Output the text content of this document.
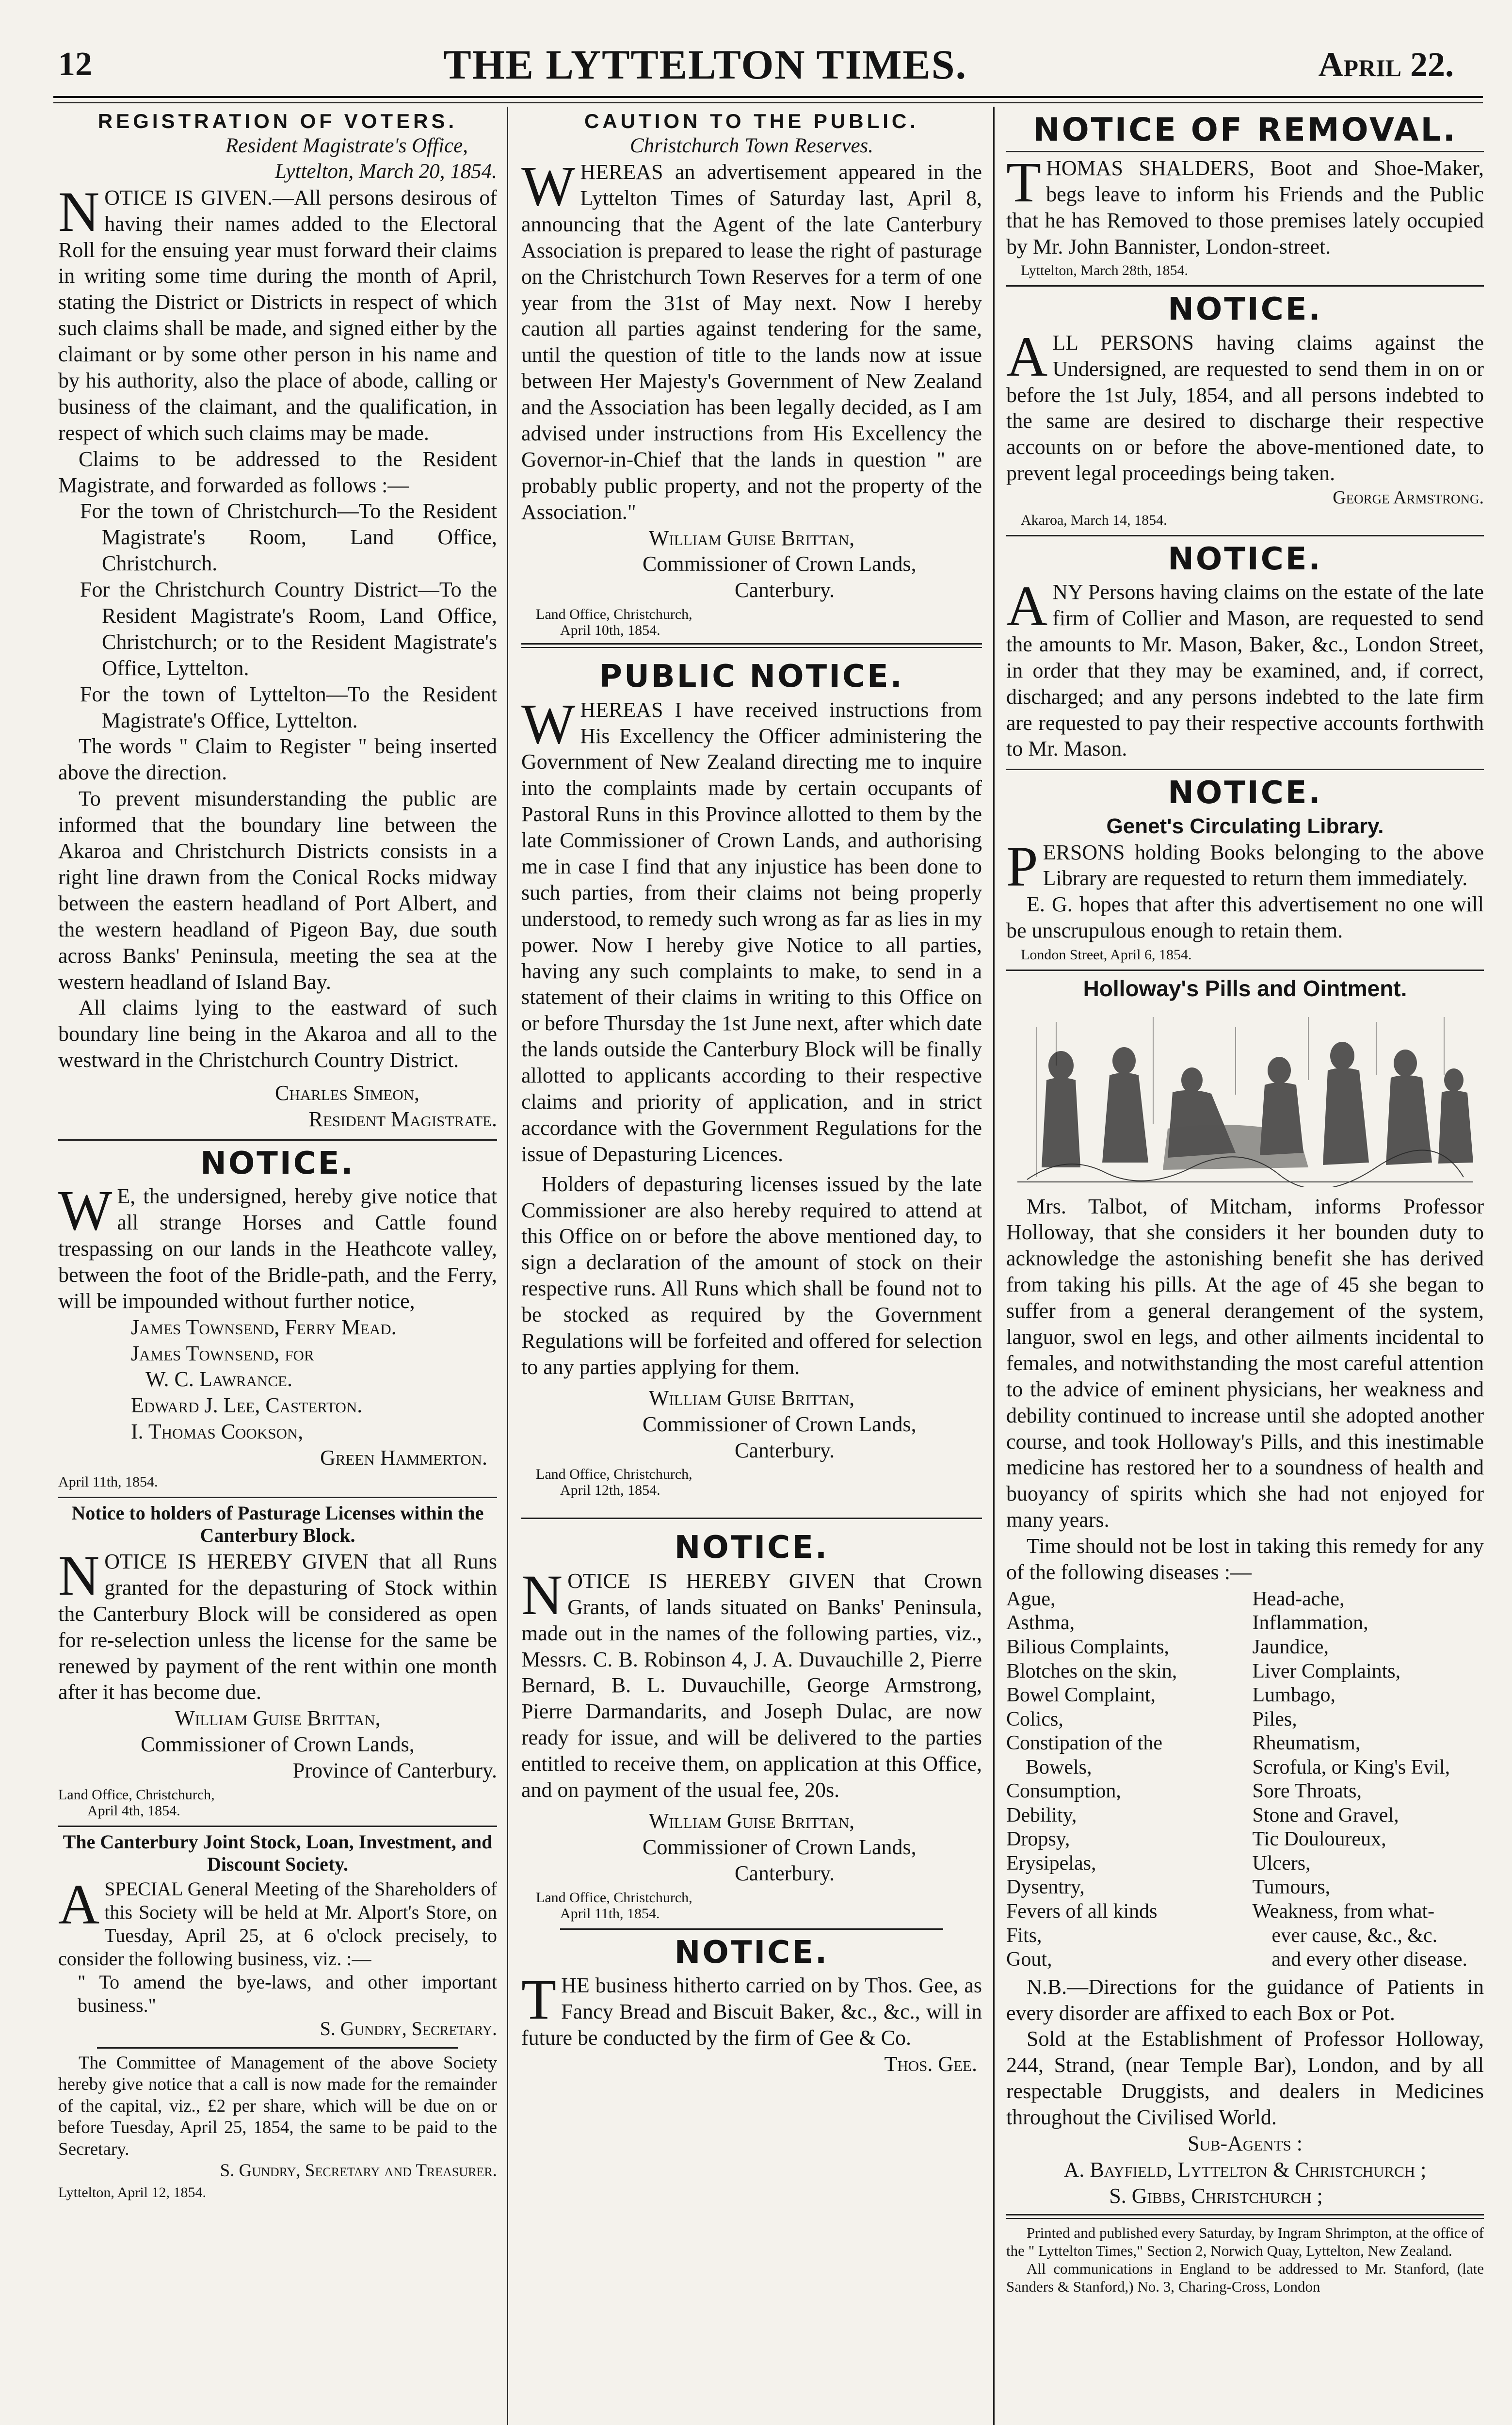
12	THE LYTTELTON TIMES.	April 22.

REGISTRATION OF VOTERS.

Resident Magistrate's Office,

Lyttelton, March 20, 1854.

NOTICE IS GIVEN.—All persons desirous of having their names added to the Electoral Roll for the ensuing year must forward their claims in writing some time during the month of April, stating the District or Districts in respect of which such claims shall be made, and signed either by the claimant or by some other person in his name and by his authority, also the place of abode, calling or business of the claimant, and the qualification, in respect of which such claims may be made.

Claims to be addressed to the Resident Magistrate, and forwarded as follows :—

For the town of Christchurch—To the Resident Magistrate's Room, Land Office, Christchurch.

For the Christchurch Country District—To the Resident Magistrate's Room, Land Office, Christchurch; or to the Resident Magistrate's Office, Lyttelton.

For the town of Lyttelton—To the Resident Magistrate's Office, Lyttelton.

The words " Claim to Register " being inserted above the direction.

To prevent misunderstanding the public are informed that the boundary line between the Akaroa and Christchurch Districts consists in a right line drawn from the Conical Rocks midway between the eastern headland of Port Albert, and the western headland of Pigeon Bay, due south across Banks' Peninsula, meeting the sea at the western headland of Island Bay.

All claims lying to the eastward of such boundary line being in the Akaroa and all to the westward in the Christchurch Country District.

Charles Simeon,

Resident Magistrate.

NOTICE.

WE, the undersigned, hereby give notice that all strange Horses and Cattle found trespassing on our lands in the Heathcote valley, between the foot of the Bridle-path, and the Ferry, will be impounded without further notice,

James Townsend, Ferry Mead.

James Townsend, for

W. C. Lawrance.

Edward J. Lee, Casterton.

I. Thomas Cookson,

Green Hammerton.

April 11th, 1854.

Notice to holders of Pasturage Licenses within the Canterbury Block.

NOTICE IS HEREBY GIVEN that all Runs granted for the depasturing of Stock within the Canterbury Block will be considered as open for re-selection unless the license for the same be renewed by payment of the rent within one month after it has become due.

William Guise Brittan,

Commissioner of Crown Lands,

Province of Canterbury.

Land Office, Christchurch,

April 4th, 1854.

The Canterbury Joint Stock, Loan, Investment, and Discount Society.

ASPECIAL General Meeting of the Shareholders of this Society will be held at Mr. Alport's Store, on Tuesday, April 25, at 6 o'clock precisely, to consider the following business, viz. :—

" To amend the bye-laws, and other important business."

S. Gundry, Secretary.

The Committee of Management of the above Society hereby give notice that a call is now made for the remainder of the capital, viz., £2 per share, which will be due on or before Tuesday, April 25, 1854, the same to be paid to the Secretary.

S. Gundry, Secretary and Treasurer.

Lyttelton, April 12, 1854.

CAUTION TO THE PUBLIC.

Christchurch Town Reserves.

WHEREAS an advertisement appeared in the Lyttelton Times of Saturday last, April 8, announcing that the Agent of the late Canterbury Association is prepared to lease the right of pasturage on the Christchurch Town Reserves for a term of one year from the 31st of May next. Now I hereby caution all parties against tendering for the same, until the question of title to the lands now at issue between Her Majesty's Government of New Zealand and the Association has been legally decided, as I am advised under instructions from His Excellency the Governor-in-Chief that the lands in question " are probably public property, and not the property of the Association."

William Guise Brittan,

Commissioner of Crown Lands,

Canterbury.

Land Office, Christchurch,

April 10th, 1854.

PUBLIC NOTICE.

WHEREAS I have received instructions from His Excellency the Officer administering the Government of New Zealand directing me to inquire into the complaints made by certain occupants of Pastoral Runs in this Province allotted to them by the late Commissioner of Crown Lands, and authorising me in case I find that any injustice has been done to such parties, from their claims not being properly understood, to remedy such wrong as far as lies in my power. Now I hereby give Notice to all parties, having any such complaints to make, to send in a statement of their claims in writing to this Office on or before Thursday the 1st June next, after which date the lands outside the Canterbury Block will be finally allotted to applicants according to their respective claims and priority of application, and in strict accordance with the Government Regulations for the issue of Depasturing Licences.

Holders of depasturing licenses issued by the late Commissioner are also hereby required to attend at this Office on or before the above mentioned day, to sign a declaration of the amount of stock on their respective runs. All Runs which shall be found not to be stocked as required by the Government Regulations will be forfeited and offered for selection to any parties applying for them.

William Guise Brittan,

Commissioner of Crown Lands,

Canterbury.

Land Office, Christchurch,

April 12th, 1854.

NOTICE.

NOTICE IS HEREBY GIVEN that Crown Grants, of lands situated on Banks' Peninsula, made out in the names of the following parties, viz., Messrs. C. B. Robinson 4, J. A. Duvauchille 2, Pierre Bernard, B. L. Duvauchille, George Armstrong, Pierre Darmandarits, and Joseph Dulac, are now ready for issue, and will be delivered to the parties entitled to receive them, on application at this Office, and on payment of the usual fee, 20s.

William Guise Brittan,

Commissioner of Crown Lands,

Canterbury.

Land Office, Christchurch,

April 11th, 1854.

NOTICE.

THE business hitherto carried on by Thos. Gee, as Fancy Bread and Biscuit Baker, &c., &c., will in future be conducted by the firm of Gee & Co.

Thos. Gee.

NOTICE OF REMOVAL.

THOMAS SHALDERS, Boot and Shoe-Maker, begs leave to inform his Friends and the Public that he has Removed to those premises lately occupied by Mr. John Bannister, London-street.

Lyttelton, March 28th, 1854.

NOTICE.

ALL PERSONS having claims against the Undersigned, are requested to send them in on or before the 1st July, 1854, and all persons indebted to the same are desired to discharge their respective accounts on or before the above-mentioned date, to prevent legal proceedings being taken.

George Armstrong.

Akaroa, March 14, 1854.

NOTICE.

ANY Persons having claims on the estate of the late firm of Collier and Mason, are requested to send the amounts to Mr. Mason, Baker, &c., London Street, in order that they may be examined, and, if correct, discharged; and any persons indebted to the late firm are requested to pay their respective accounts forthwith to Mr. Mason.

NOTICE.

Genet's Circulating Library.

PERSONS holding Books belonging to the above Library are requested to return them immediately.

E. G. hopes that after this advertisement no one will be unscrupulous enough to retain them.

London Street, April 6, 1854.

Holloway's Pills and Ointment.

Mrs. Talbot, of Mitcham, informs Professor Holloway, that she considers it her bounden duty to acknowledge the astonishing benefit she has derived from taking his pills. At the age of 45 she began to suffer from a general derangement of the system, languor, swol en legs, and other ailments incidental to females, and notwithstanding the most careful attention to the advice of eminent physicians, her weakness and debility continued to increase until she adopted another course, and took Holloway's Pills, and this inestimable medicine has restored her to a soundness of health and buoyancy of spirits which she had not enjoyed for many years.

Time should not be lost in taking this remedy for any of the following diseases :—

Ague,
Asthma,
Bilious Complaints,
Blotches on the skin,
Bowel Complaint,
Colics,
Constipation of the
Bowels,
Consumption,
Debility,
Dropsy,
Erysipelas,
Dysentry,
Fevers of all kinds
Fits,
Gout,
Head-ache,
Inflammation,
Jaundice,
Liver Complaints,
Lumbago,
Piles,
Rheumatism,
Scrofula, or King's Evil,
Sore Throats,
Stone and Gravel,
Tic Douloureux,
Ulcers,
Tumours,
Weakness, from what-
ever cause, &c., &c.
and every other disease.

N.B.—Directions for the guidance of Patients in every disorder are affixed to each Box or Pot.

Sold at the Establishment of Professor Holloway, 244, Strand, (near Temple Bar), London, and by all respectable Druggists, and dealers in Medicines throughout the Civilised World.

Sub-Agents :

A. Bayfield, Lyttelton & Christchurch ;

S. Gibbs, Christchurch ;

Printed and published every Saturday, by Ingram Shrimpton, at the office of the " Lyttelton Times," Section 2, Norwich Quay, Lyttelton, New Zealand.

All communications in England to be addressed to Mr. Stanford, (late Sanders & Stanford,) No. 3, Charing-Cross, London
